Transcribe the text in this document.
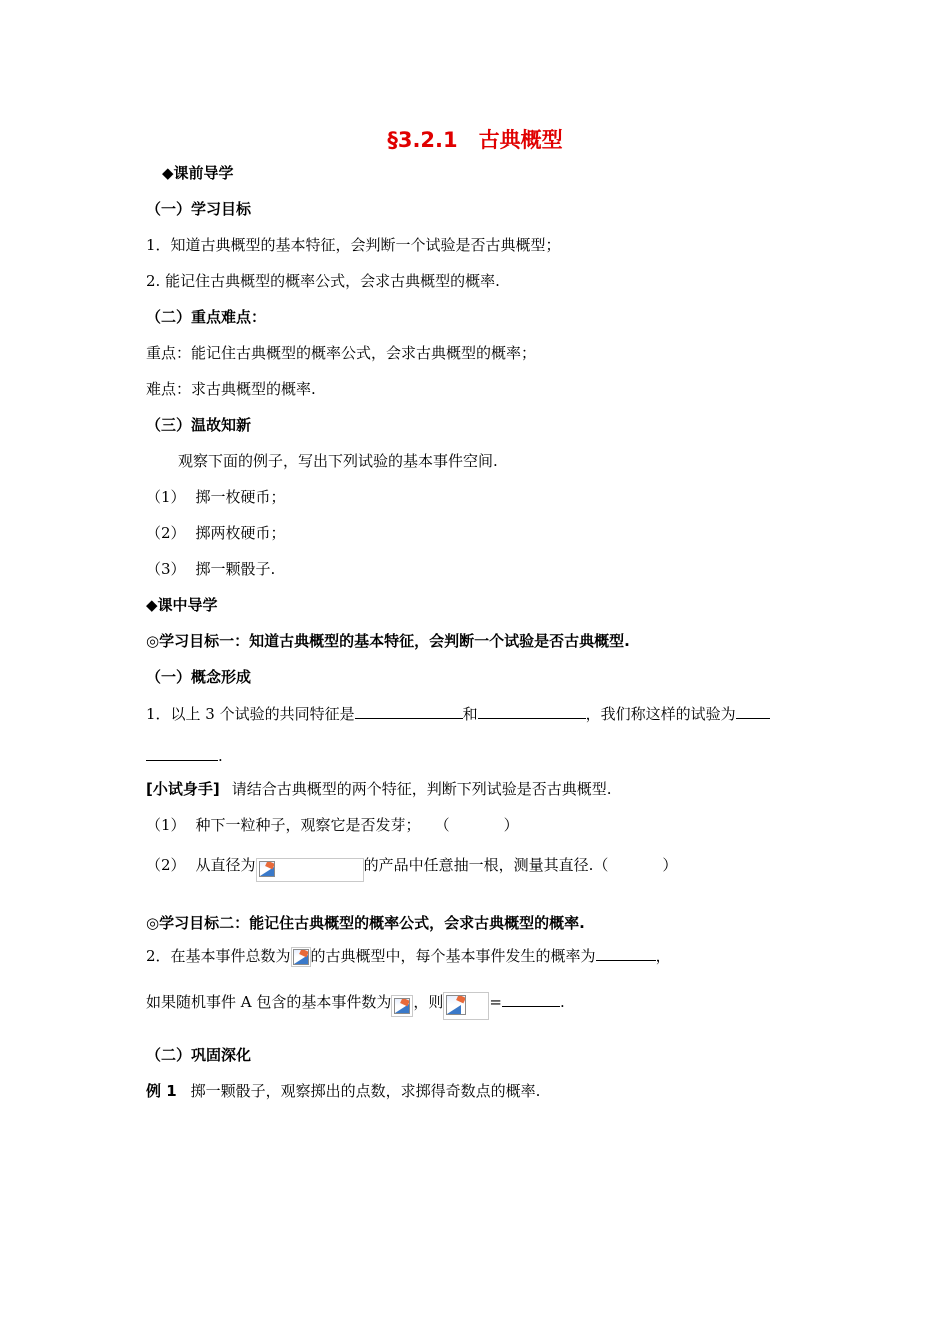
§3.2.1　古典概型
◆课前导学
（一）学习目标
1．知道古典概型的基本特征，会判断一个试验是否古典概型；
2. 能记住古典概型的概率公式，会求古典概型的概率.
（二）重点难点：
重点：能记住古典概型的概率公式，会求古典概型的概率；
难点：求古典概型的概率.
（三）温故知新
观察下面的例子，写出下列试验的基本事件空间.
（1） 掷一枚硬币；
（2） 掷两枚硬币；
（3） 掷一颗骰子.
◆课中导学
◎学习目标一：知道古典概型的基本特征，会判断一个试验是否古典概型.
（一）概念形成
1．以上 3 个试验的共同特征是	和	，我们称这样的试验为
.
[小试身手] 请结合古典概型的两个特征，判断下列试验是否古典概型.
（1） 种下一粒种子，观察它是否发芽； （	）
（2） 从直径为	的产品中任意抽一根，测量其直径.（	）
◎学习目标二：能记住古典概型的概率公式，会求古典概型的概率.
2．在基本事件总数为 的古典概型中，每个基本事件发生的概率为	，
如果随机事件 A 包含的基本事件数为 ，则	=	.
（二）巩固深化
例 1 掷一颗骰子，观察掷出的点数，求掷得奇数点的概率.
